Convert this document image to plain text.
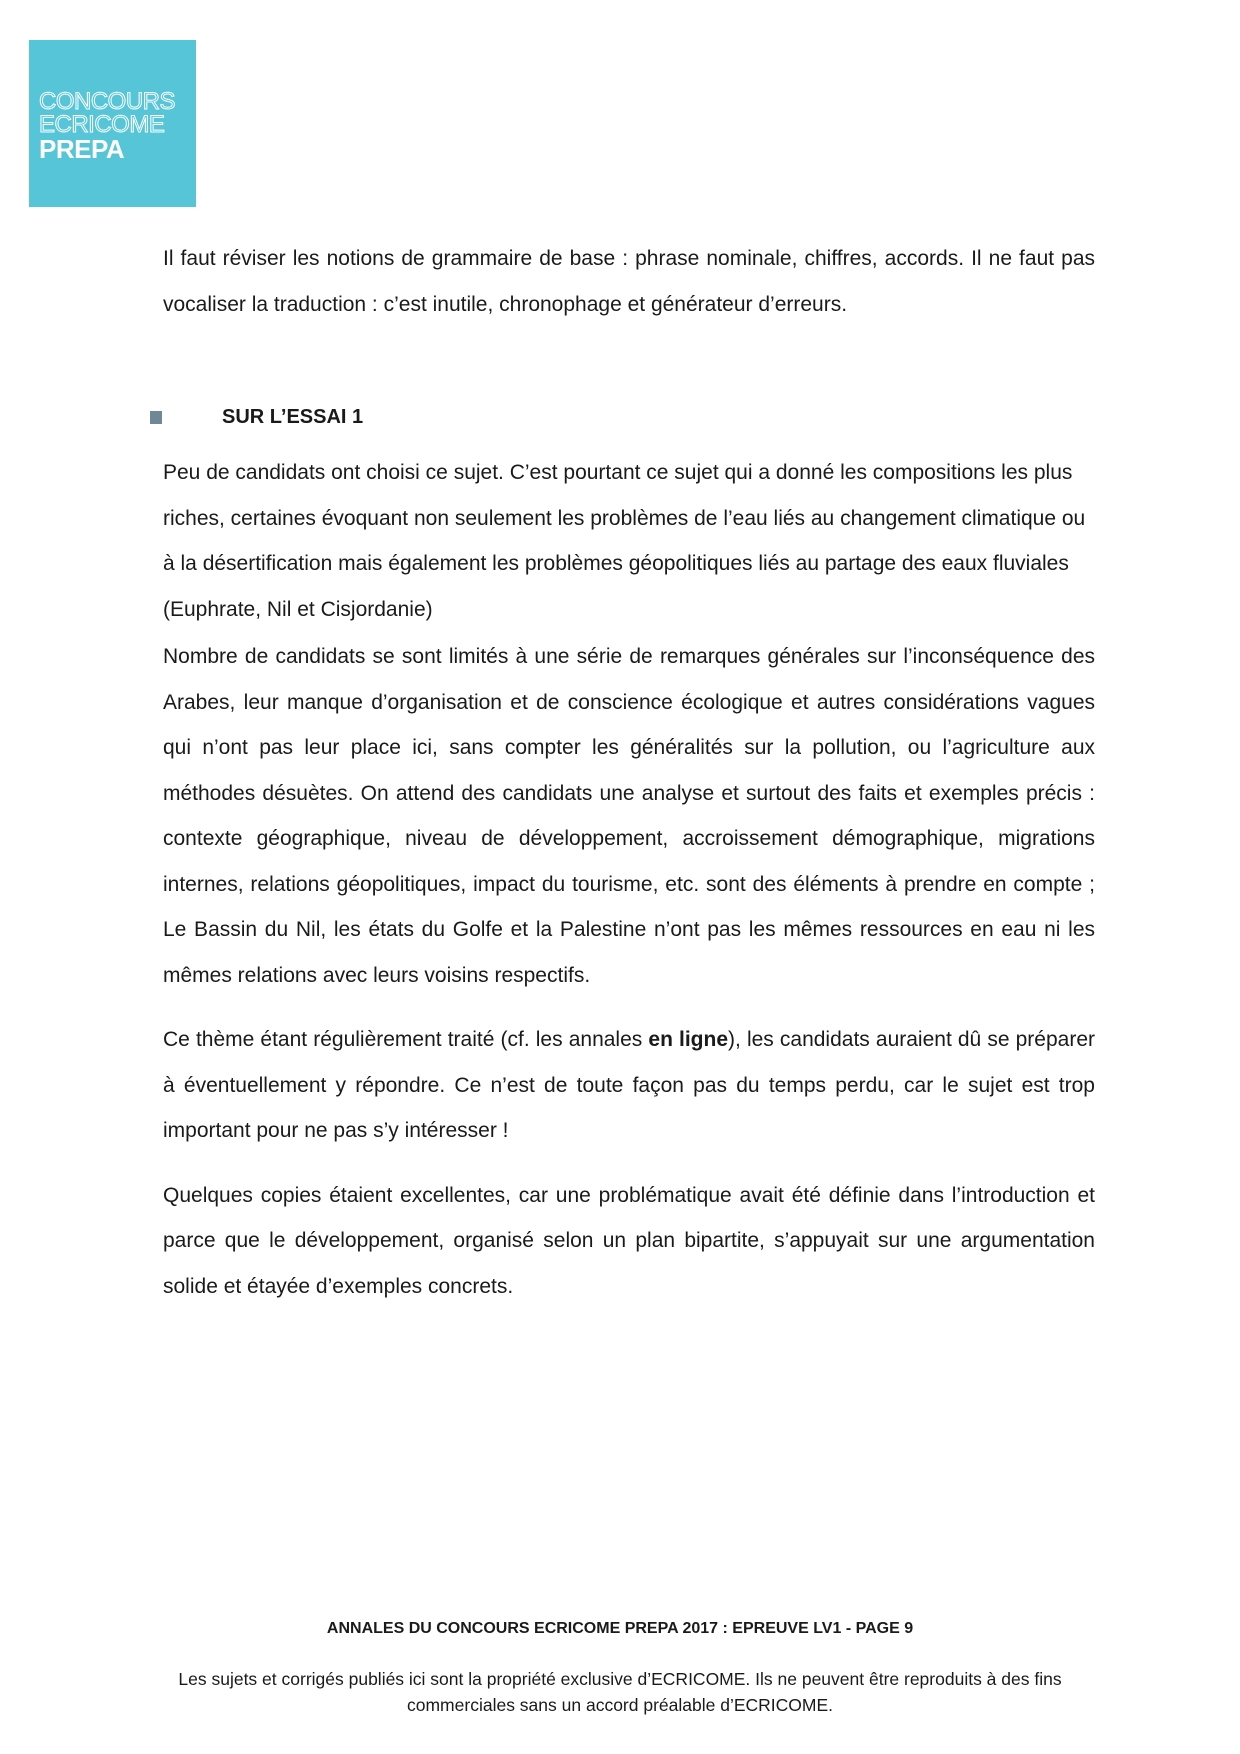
CONCOURS
ECRICOME
PREPA

Il faut réviser les notions de grammaire de base : phrase nominale, chiffres, accords. Il ne faut pas vocaliser la traduction : c’est inutile, chronophage et générateur d’erreurs.

SUR L’ESSAI 1

Peu de candidats ont choisi ce sujet. C’est pourtant ce sujet qui a donné les compositions les plus riches, certaines évoquant non seulement les problèmes de l’eau liés au changement climatique ou à la désertification mais également les problèmes géopolitiques liés au partage des eaux fluviales (Euphrate, Nil et Cisjordanie)

Nombre de candidats se sont limités à une série de remarques générales sur l’inconséquence des Arabes, leur manque d’organisation et de conscience écologique et autres considérations vagues qui n’ont pas leur place ici, sans compter les généralités sur la pollution, ou l’agriculture aux méthodes désuètes. On attend des candidats une analyse et surtout des faits et exemples précis : contexte géographique, niveau de développement, accroissement démographique, migrations internes, relations géopolitiques, impact du tourisme, etc. sont des éléments à prendre en compte ; Le Bassin du Nil, les états du Golfe et la Palestine n’ont pas les mêmes ressources en eau ni les mêmes relations avec leurs voisins respectifs.

Ce thème étant régulièrement traité (cf. les annales en ligne), les candidats auraient dû se préparer à éventuellement y répondre. Ce n’est de toute façon pas du temps perdu, car le sujet est trop important pour ne pas s’y intéresser !

Quelques copies étaient excellentes, car une problématique avait été définie dans l’introduction et parce que le développement, organisé selon un plan bipartite, s’appuyait sur une argumentation solide et étayée d’exemples concrets.

ANNALES DU CONCOURS ECRICOME PREPA 2017 : EPREUVE LV1 - PAGE 9
Les sujets et corrigés publiés ici sont la propriété exclusive d’ECRICOME. Ils ne peuvent être reproduits à des fins commerciales sans un accord préalable d’ECRICOME.
